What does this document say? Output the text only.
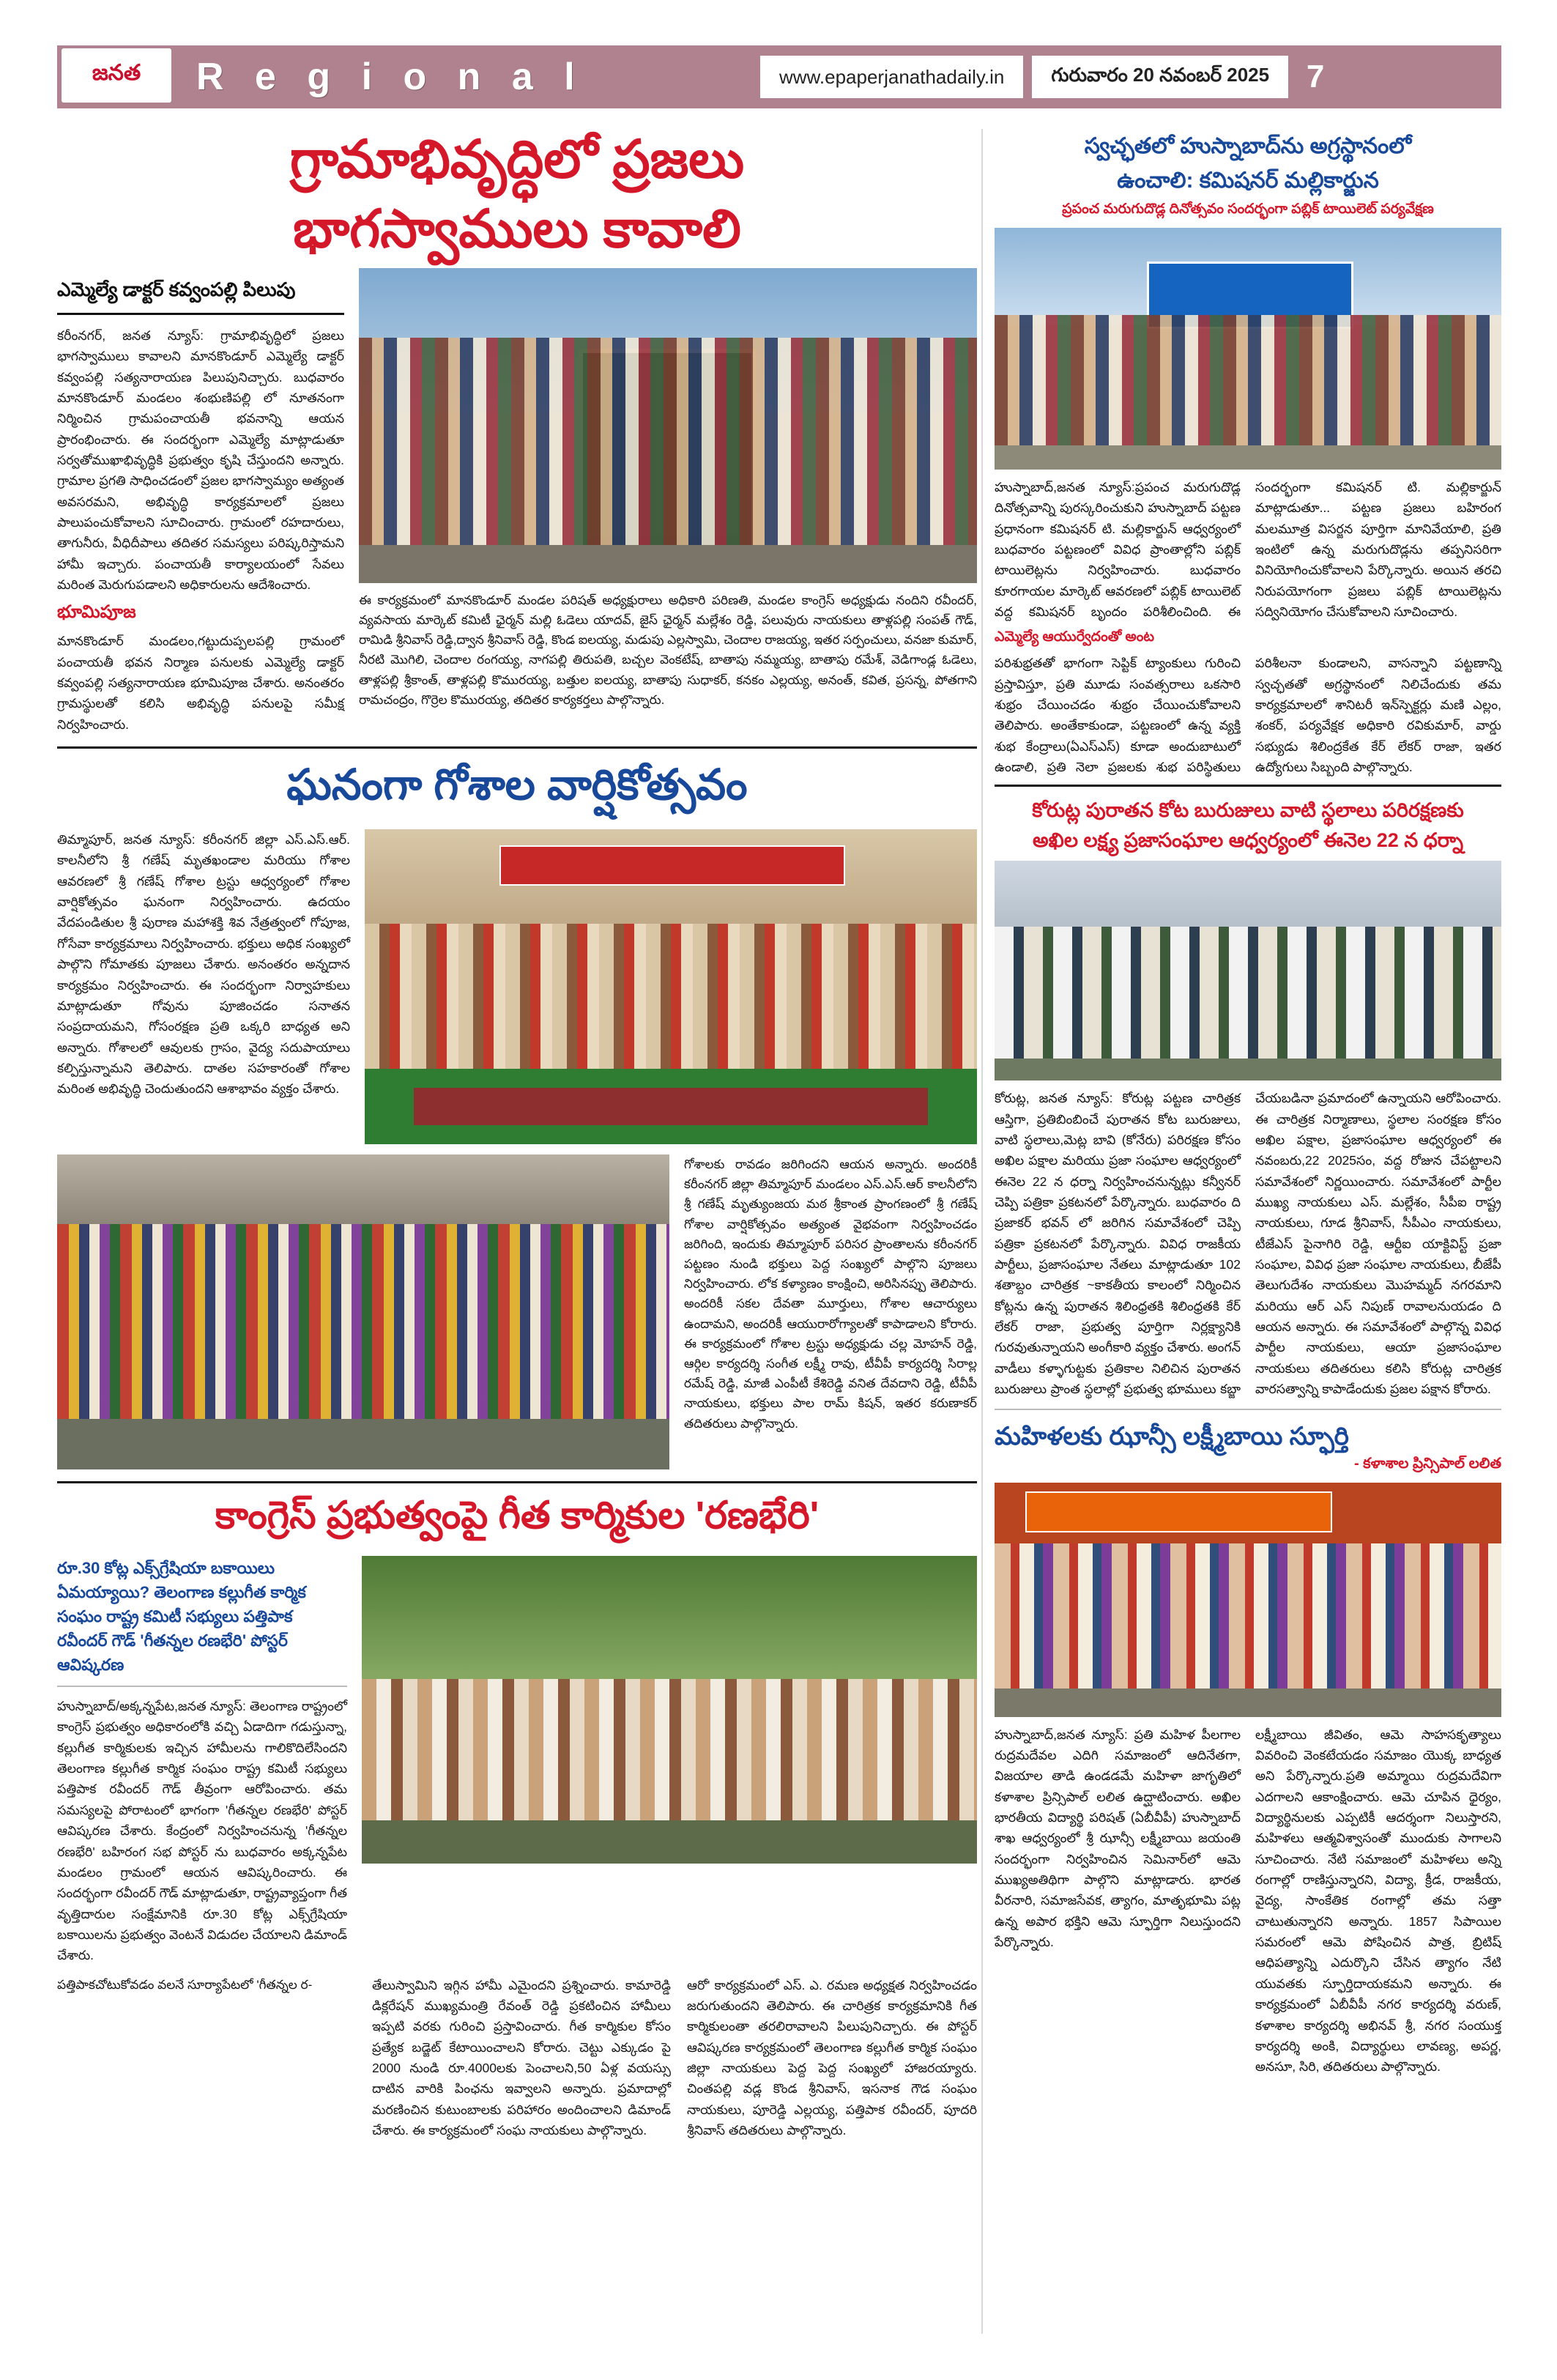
జనత R e g i o n a l	www.epaperjanathadaily.in	గురువారం 20 నవంబర్ 2025	7
గ్రామాభివృద్ధిలో ప్రజలు
భాగస్వాములు కావాలి
ఎమ్మెల్యే డాక్టర్ కవ్వంపల్లి పిలుపు
కరీంనగర్, జనత న్యూస్: గ్రామాభివృద్ధిలో ప్రజలు భాగస్వాములు కావాలని మానకొండూర్ ఎమ్మెల్యే డాక్టర్ కవ్వంపల్లి సత్యనారాయణ పిలుపునిచ్చారు. బుధవారం మానకొండూర్ మండలం శంభుణిపల్లి లో నూతనంగా నిర్మించిన గ్రామపంచాయతీ భవనాన్ని ఆయన ప్రారంభించారు. ఈ సందర్భంగా ఎమ్మెల్యే మాట్లాడుతూ సర్వతోముఖాభివృద్ధికి ప్రభుత్వం కృషి చేస్తుందని అన్నారు. గ్రామాల ప్రగతి సాధించడంలో ప్రజల భాగస్వామ్యం అత్యంత అవసరమని, అభివృద్ధి కార్యక్రమాలలో ప్రజలు పాలుపంచుకోవాలని సూచించారు. గ్రామంలో రహదారులు, తాగునీరు, వీధిదీపాలు తదితర సమస్యలు పరిష్కరిస్తామని హామీ ఇచ్చారు. పంచాయతీ కార్యాలయంలో సేవలు మరింత మెరుగుపడాలని అధికారులను ఆదేశించారు.
భూమిపూజ
మానకొండూర్ మండలం,గట్టుదుప్పలపల్లి గ్రామంలో పంచాయతీ భవన నిర్మాణ పనులకు ఎమ్మెల్యే డాక్టర్ కవ్వంపల్లి సత్యనారాయణ భూమిపూజ చేశారు. అనంతరం గ్రామస్థులతో కలిసి అభివృద్ధి పనులపై సమీక్ష నిర్వహించారు.
ఈ కార్యక్రమంలో మానకొండూర్ మండల పరిషత్ అధ్యక్షురాలు అధికారి పరిణతి, మండల కాంగ్రెస్ అధ్యక్షుడు నందిని రవీందర్, వ్యవసాయ మార్కెట్ కమిటీ ఛైర్మన్ మల్లి ఓడెలు యాదవ్, జైస్ ఛైర్మన్ మల్లేశం రెడ్డి, పలువురు నాయకులు తాళ్లపల్లి సంపత్ గౌడ్, రామిడి శ్రీనివాస్ రెడ్డి,ద్వాన శ్రీనివాస్ రెడ్డి, కొండ ఐలయ్య, మడుపు ఎల్లస్వామి, చెందాల రాజయ్య, ఇతర సర్పంచులు, వనజా కుమార్, నీరటి మొగిలి, చెందాల రంగయ్య, నాగపల్లి తిరుపతి, బచ్చల వెంకటేష్, బాతాపు నమ్మయ్య, బాతాపు రమేశ్, వెడిగాండ్ల ఓడెలు, తాళ్లపల్లి శ్రీకాంత్, తాళ్లపల్లి కొమురయ్య, బత్తుల ఐలయ్య, బాతాపు సుధాకర్, కనకం ఎల్లయ్య, అనంత్, కవిత, ప్రసన్న, పోతగాని రామచంద్రం, గొర్రెల కొమురయ్య, తదితర కార్యకర్తలు పాల్గొన్నారు.
ఘనంగా గోశాల వార్షికోత్సవం
తిమ్మాపూర్, జనత న్యూస్: కరీంనగర్ జిల్లా ఎస్.ఎస్.ఆర్. కాలనీలోని శ్రీ గణేష్ మృతఖండాల మరియు గోశాల ఆవరణలో శ్రీ గణేష్ గోశాల ట్రస్టు ఆధ్వర్యంలో గోశాల వార్షికోత్సవం ఘనంగా నిర్వహించారు. ఉదయం వేదపండితుల శ్రీ పురాణ మహాశక్తి శివ నేత్రత్వంలో గోపూజ, గోసేవా కార్యక్రమాలు నిర్వహించారు. భక్తులు అధిక సంఖ్యలో పాల్గొని గోమాతకు పూజలు చేశారు. అనంతరం అన్నదాన కార్యక్రమం నిర్వహించారు. ఈ సందర్భంగా నిర్వాహకులు మాట్లాడుతూ గోవును పూజించడం సనాతన సంప్రదాయమని, గోసంరక్షణ ప్రతి ఒక్కరి బాధ్యత అని అన్నారు. గోశాలలో ఆవులకు గ్రాసం, వైద్య సదుపాయాలు కల్పిస్తున్నామని తెలిపారు. దాతల సహకారంతో గోశాల మరింత అభివృద్ధి చెందుతుందని ఆశాభావం వ్యక్తం చేశారు.
గోశాలకు రావడం జరిగిందని ఆయన అన్నారు. అందరికీ కరీంనగర్ జిల్లా తిమ్మాపూర్ మండలం ఎస్.ఎస్.ఆర్ కాలనీలోని శ్రీ గణేష్ మృత్యుంజయ మఠ శ్రీకాంత ప్రాంగణంలో శ్రీ గణేష్ గోశాల వార్షికోత్సవం అత్యంత వైభవంగా నిర్వహించడం జరిగింది, ఇందుకు తిమ్మాపూర్ పరిసర ప్రాంతాలను కరీంనగర్ పట్టణం నుండి భక్తులు పెద్ద సంఖ్యలో పాల్గొని పూజలు నిర్వహించారు. లోక కళ్యాణం కాంక్షించి, అరిసినప్పు తెలిపారు. అందరికీ సకల దేవతా మూర్తులు, గోశాల ఆచార్యులు ఉందామని, అందరికీ ఆయురారోగ్యాలతో కాపాడాలని కోరారు. ఈ కార్యక్రమంలో గోశాల ట్రస్టు అధ్యక్షుడు చల్ల మోహన్ రెడ్డి, ఆర్గిల కార్యదర్శి సంగీత లక్ష్మీ రావు, టీవీపీ కార్యదర్శి సిరాల్ల రమేష్ రెడ్డి, మాజీ ఎంపీటీ కేశిరెడ్డి వనిత దేవదాని రెడ్డి, టీవీపీ నాయకులు, భక్తులు పాల రామ్ కిషన్, ఇతర కరుణాకర్ తదితరులు పాల్గొన్నారు.
కాంగ్రెస్ ప్రభుత్వంపై గీత కార్మికుల 'రణభేరి'
రూ.30 కోట్ల ఎక్స్‌గ్రేషియా బకాయిలు ఏమయ్యాయి? తెలంగాణ కల్లుగీత కార్మిక సంఘం రాష్ట్ర కమిటీ సభ్యులు పత్తిపాక రవీందర్ గౌడ్ 'గీతన్నల రణభేరి' పోస్టర్ ఆవిష్కరణ
హుస్నాబాద్/అక్కన్నపేట,జనత న్యూస్: తెలంగాణ రాష్ట్రంలో కాంగ్రెస్ ప్రభుత్వం అధికారంలోకి వచ్చి ఏడాదిగా గడుస్తున్నా, కల్లుగీత కార్మికులకు ఇచ్చిన హామీలను గాలికొదిలేసిందని తెలంగాణ కల్లుగీత కార్మిక సంఘం రాష్ట్ర కమిటీ సభ్యులు పత్తిపాక రవీందర్ గౌడ్ తీవ్రంగా ఆరోపించారు. తమ సమస్యలపై పోరాటంలో భాగంగా 'గీతన్నల రణభేరి' పోస్టర్ ఆవిష్కరణ చేశారు. కేంద్రంలో నిర్వహించనున్న 'గీతన్నల రణభేరి' బహిరంగ సభ పోస్టర్ ను బుధవారం అక్కన్నపేట మండలం గ్రామంలో ఆయన ఆవిష్కరించారు. ఈ సందర్భంగా రవీందర్ గౌడ్ మాట్లాడుతూ, రాష్ట్రవ్యాప్తంగా గీత వృత్తిదారుల సంక్షేమానికి రూ.30 కోట్ల ఎక్స్‌గ్రేషియా బకాయిలను ప్రభుత్వం వెంటనే విడుదల చేయాలని డిమాండ్ చేశారు.
పత్తిపాకచోటుకోవడం వలనే సూర్యాపేటలో 'గీతన్నల ర-	తేలుస్వామిని ఇగ్గిన హామీ ఎమైందని ప్రశ్నించారు. కామారెడ్డి డిక్లరేషన్ ముఖ్యమంత్రి రేవంత్ రెడ్డి ప్రకటించిన హామీలు ఇప్పటి వరకు గురించి ప్రస్తావించారు. గీత కార్మికుల కోసం ప్రత్యేక బడ్జెట్ కేటాయించాలని కోరారు. చెట్టు ఎక్కుడం పై 2000 నుండి రూ.4000లకు పెంచాలని,50 ఏళ్ల వయస్సు దాటిన వారికి పింఛను ఇవ్వాలని అన్నారు. ప్రమాదాల్లో మరణించిన కుటుంబాలకు పరిహారం అందించాలని డిమాండ్ చేశారు. ఈ కార్యక్రమంలో సంఘ నాయకులు పాల్గొన్నారు.
ఆరో' కార్యక్రమంలో ఎస్. ఎ. రమణ అధ్యక్షత నిర్వహించడం జరుగుతుందని తెలిపారు. ఈ చారిత్రక కార్యక్రమానికి గీత కార్మికులంతా తరలిరావాలని పిలుపునిచ్చారు. ఈ పోస్టర్ ఆవిష్కరణ కార్యక్రమంలో తెలంగాణ కల్లుగీత కార్మిక సంఘం జిల్లా నాయకులు పెద్ద పెద్ద సంఖ్యలో హాజరయ్యారు. చింతపల్లి వడ్ల కొండ శ్రీనివాస్, ఇసనాక గౌడ సంఘం నాయకులు, పూరెడ్డి ఎల్లయ్య, పత్తిపాక రవీందర్, పూదరి శ్రీనివాస్ తదితరులు పాల్గొన్నారు.
స్వచ్ఛతలో హుస్నాబాద్‌ను అగ్రస్థానంలో
ఉంచాలి: కమిషనర్ మల్లికార్జున
ప్రపంచ మరుగుదొడ్ల దినోత్సవం సందర్భంగా పబ్లిక్ టాయిలెట్ పర్యవేక్షణ
హుస్నాబాద్,జనత న్యూస్:ప్రపంచ మరుగుదొడ్ల దినోత్సవాన్ని పురస్కరించుకుని హుస్నాబాద్ పట్టణ ప్రధానంగా కమిషనర్ టి. మల్లికార్జున్ ఆధ్వర్యంలో బుధవారం పట్టణంలో వివిధ ప్రాంతాల్లోని పబ్లిక్ టాయిలెట్లను నిర్వహించారు. బుధవారం కూరగాయల మార్కెట్ ఆవరణలో పబ్లిక్ టాయిలెట్ వద్ద కమిషనర్ బృందం పరిశీలించింది. ఈ సందర్భంగా కమిషనర్ టి. మల్లికార్జున్ మాట్లాడుతూ... పట్టణ ప్రజలు బహిరంగ మలమూత్ర విసర్జన పూర్తిగా మానివేయాలి, ప్రతి ఇంటిలో ఉన్న మరుగుదొడ్లను తప్పనిసరిగా వినియోగించుకోవాలని పేర్కొన్నారు. అయిన తరచి నిరుపయోగంగా ప్రజలు పబ్లిక్ టాయిలెట్లను సద్వినియోగం చేసుకోవాలని సూచించారు.
ఎమ్మెల్యే ఆయుర్వేదంతో అంట
పరిశుభ్రతతో భాగంగా సెప్టిక్ ట్యాంకులు గురించి ప్రస్తావిస్తూ, ప్రతి మూడు సంవత్సరాలు ఒకసారి శుభ్రం చేయించడం శుభ్రం చేయించుకోవాలని తెలిపారు. అంతేకాకుండా, పట్టణంలో ఉన్న వ్యక్తి శుభ కేంద్రాలు(ఏఎస్ఎస్) కూడా అందుబాటులో ఉండాలి, ప్రతి నెలా ప్రజలకు శుభ పరిస్థితులు పరిశీలనా కుండాలని, వాసన్నాని పట్టణాన్ని స్వచ్ఛతతో అగ్రస్థానంలో నిలిచేందుకు తమ కార్యక్రమాలలో శానిటరీ ఇన్‌స్పెక్టర్లు మణి ఎల్లం, శంకర్, పర్యవేక్షక అధికారి రవికుమార్, వార్డు సభ్యుడు శిలింద్రకేత కేర్ లేకర్ రాజా, ఇతర ఉద్యోగులు సిబ్బంది పాల్గొన్నారు.
కోరుట్ల పురాతన కోట బురుజులు వాటి స్థలాలు పరిరక్షణకు
అఖిల లక్ష్య ప్రజాసంఘాల ఆధ్వర్యంలో ఈనెల 22 న ధర్నా
కోరుట్ల, జనత న్యూస్: కోరుట్ల పట్టణ చారిత్రక ఆస్తిగా, ప్రతిబింబించే పురాతన కోట బురుజులు, వాటి స్థలాలు,మెట్ల బావి (కోనేరు) పరిరక్షణ కోసం అఖిల పక్షాల మరియు ప్రజా సంఘాల ఆధ్వర్యంలో ఈనెల 22 న ధర్నా నిర్వహించనున్నట్లు కన్వీనర్ చెప్పి పత్రికా ప్రకటనలో పేర్కొన్నారు. బుధవారం ది ప్రజాకర్ భవన్ లో జరిగిన సమావేశంలో చెప్పి పత్రికా ప్రకటనలో పేర్కొన్నారు. వివిధ రాజకీయ పార్టీలు, ప్రజాసంఘాల నేతలు మాట్లాడుతూ 102 శతాబ్దం చారిత్రక ~కాకతీయ కాలంలో నిర్మించిన కోట్లను ఉన్న పురాతన శిలింధ్రతకి శిలింధ్రతకి కేర్ లేకర్ రాజా, ప్రభుత్వ పూర్తిగా నిర్లక్ష్యానికి గురవుతున్నాయని అంగీకారి వ్యక్తం చేశారు. అంగన్ వాడీలు కళ్ళాగుట్టకు ప్రతికాల నిలిచిన పురాతన బురుజులు ప్రాంత స్థలాల్లో ప్రభుత్వ భూములు కబ్జా చేయబడినా ప్రమాదంలో ఉన్నాయని ఆరోపించారు. ఈ చారిత్రక నిర్మాణాలు, స్థలాల సంరక్షణ కోసం అఖిల పక్షాల, ప్రజాసంఘాల ఆధ్వర్యంలో ఈ నవంబరు,22 2025సం, వద్ద రోజున చేపట్టాలని సమావేశంలో నిర్ణయించారు. సమావేశంలో పార్టీల ముఖ్య నాయకులు ఎస్. మల్లేశం, సీపీఐ రాష్ట్ర నాయకులు, గూడ శ్రీనివాస్, సీపీఎం నాయకులు, టీజేఎస్ పైనాగిరి రెడ్డి, ఆర్టీఐ యాక్టివిస్ట్ ప్రజా సంఘాల, వివిధ ప్రజా సంఘాల నాయకులు, బీజేపీ తెలుగుదేశం నాయకులు మొహమ్మద్ నగరమాని మరియు ఆర్ ఎస్ నిపుణ్ రావాలనుయడం ది ఆయన అన్నారు. ఈ సమావేశంలో పాల్గొన్న వివిధ పార్టీల నాయకులు, ఆయా ప్రజాసంఘాల నాయకులు తదితరులు కలిసి కోరుట్ల చారిత్రక వారసత్వాన్ని కాపాడేందుకు ప్రజల పక్షాన కోరారు.
మహిళలకు ఝాన్సీ లక్ష్మీబాయి స్ఫూర్తి
- కళాశాల ప్రిన్సిపాల్ లలిత
హుస్నాబాద్,జనత న్యూస్: ప్రతి మహిళ పీలగాల రుద్రమదేవల ఎదిగి సమాజంలో ఆదినేతగా, విజయాల తాడి ఉండడమే మహిళా జాగృతిలో కళాశాల ప్రిన్సిపాల్ లలిత ఉద్ఘాటించారు. అఖిల భారతీయ విద్యార్థి పరిషత్ (ఏబీవీపీ) హుస్నాబాద్ శాఖ ఆధ్వర్యంలో శ్రీ ఝాన్సీ లక్ష్మీబాయి జయంతి సందర్భంగా నిర్వహించిన సెమినార్‌లో ఆమె ముఖ్యఅతిథిగా పాల్గొని మాట్లాడారు. భారత వీరనారి, సమాజసేవక, త్యాగం, మాతృభూమి పట్ల ఉన్న అపార భక్తిని ఆమె స్ఫూర్తిగా నిలుస్తుందని పేర్కొన్నారు.
లక్ష్మీబాయి జీవితం, ఆమె సాహసకృత్యాలు వివరించి వెంకటేయడం సమాజం యొక్క బాధ్యత అని పేర్కొన్నారు.ప్రతి అమ్మాయి రుద్రమదేవిగా ఎదగాలని ఆకాంక్షించారు. ఆమె చూపిన ధైర్యం, విద్యార్థినులకు ఎప్పటికీ ఆదర్శంగా నిలుస్తారని, మహిళలు ఆత్మవిశ్వాసంతో ముందుకు సాగాలని సూచించారు. నేటి సమాజంలో మహిళలు అన్ని రంగాల్లో రాణిస్తున్నారని, విద్యా, క్రీడ, రాజకీయ, వైద్య, సాంకేతిక రంగాల్లో తమ సత్తా చాటుతున్నారని అన్నారు. 1857 సిపాయిల సమరంలో ఆమె పోషించిన పాత్ర, బ్రిటిష్ ఆధిపత్యాన్ని ఎదుర్కొని చేసిన త్యాగం నేటి యువతకు స్ఫూర్తిదాయకమని అన్నారు. ఈ కార్యక్రమంలో ఏబీవీపీ నగర కార్యదర్శి వరుణ్, కళాశాల కార్యదర్శి అభినవ్ శ్రీ, నగర సంయుక్త కార్యదర్శి అంకి, విద్యార్థులు లావణ్య, అపర్ణ, అనసూ, సిరి, తదితరులు పాల్గొన్నారు.
